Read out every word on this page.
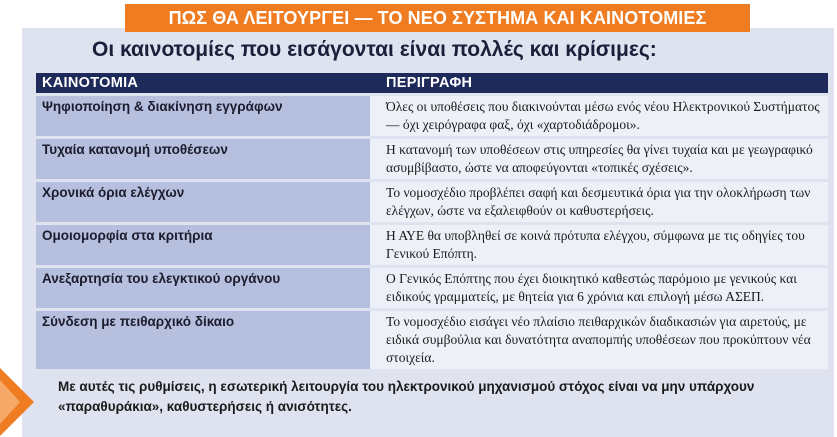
ΠΩΣ ΘΑ ΛΕΙΤΟΥΡΓΕΙ — ΤΟ ΝΕΟ ΣΥΣΤΗΜΑ ΚΑΙ ΚΑΙΝΟΤΟΜΙΕΣ
Οι καινοτομίες που εισάγονται είναι πολλές και κρίσιμες:
ΚΑΙΝΟΤΟΜΙΑ	ΠΕΡΙΓΡΑΦΗ
Ψηφιοποίηση & διακίνηση εγγράφων	Όλες οι υποθέσεις που διακινούνται μέσω ενός νέου Ηλεκτρονικού Συστήματος — όχι χειρόγραφα φαξ, όχι «χαρτοδιάδρομοι».
Τυχαία κατανομή υποθέσεων	Η κατανομή των υποθέσεων στις υπηρεσίες θα γίνει τυχαία και με γεωγραφικό ασυμβίβαστο, ώστε να αποφεύγονται «τοπικές σχέσεις».
Χρονικά όρια ελέγχων	Το νομοσχέδιο προβλέπει σαφή και δεσμευτικά όρια για την ολοκλήρωση των ελέγχων, ώστε να εξαλειφθούν οι καθυστερήσεις.
Ομοιομορφία στα κριτήρια	Η ΑΥΕ θα υποβληθεί σε κοινά πρότυπα ελέγχου, σύμφωνα με τις οδηγίες του Γενικού Επόπτη.
Ανεξαρτησία του ελεγκτικού οργάνου	Ο Γενικός Επόπτης που έχει διοικητικό καθεστώς παρόμοιο με γενικούς και ειδικούς γραμματείς, με θητεία για 6 χρόνια και επιλογή μέσω ΑΣΕΠ.
Σύνδεση με πειθαρχικό δίκαιο	Το νομοσχέδιο εισάγει νέο πλαίσιο πειθαρχικών διαδικασιών για αιρετούς, με ειδικά συμβούλια και δυνατότητα αναπομπής υποθέσεων που προκύπτουν νέα στοιχεία.
Με αυτές τις ρυθμίσεις, η εσωτερική λειτουργία του ηλεκτρονικού μηχανισμού στόχος είναι να μην υπάρχουν «παραθυράκια», καθυστερήσεις ή ανισότητες.
